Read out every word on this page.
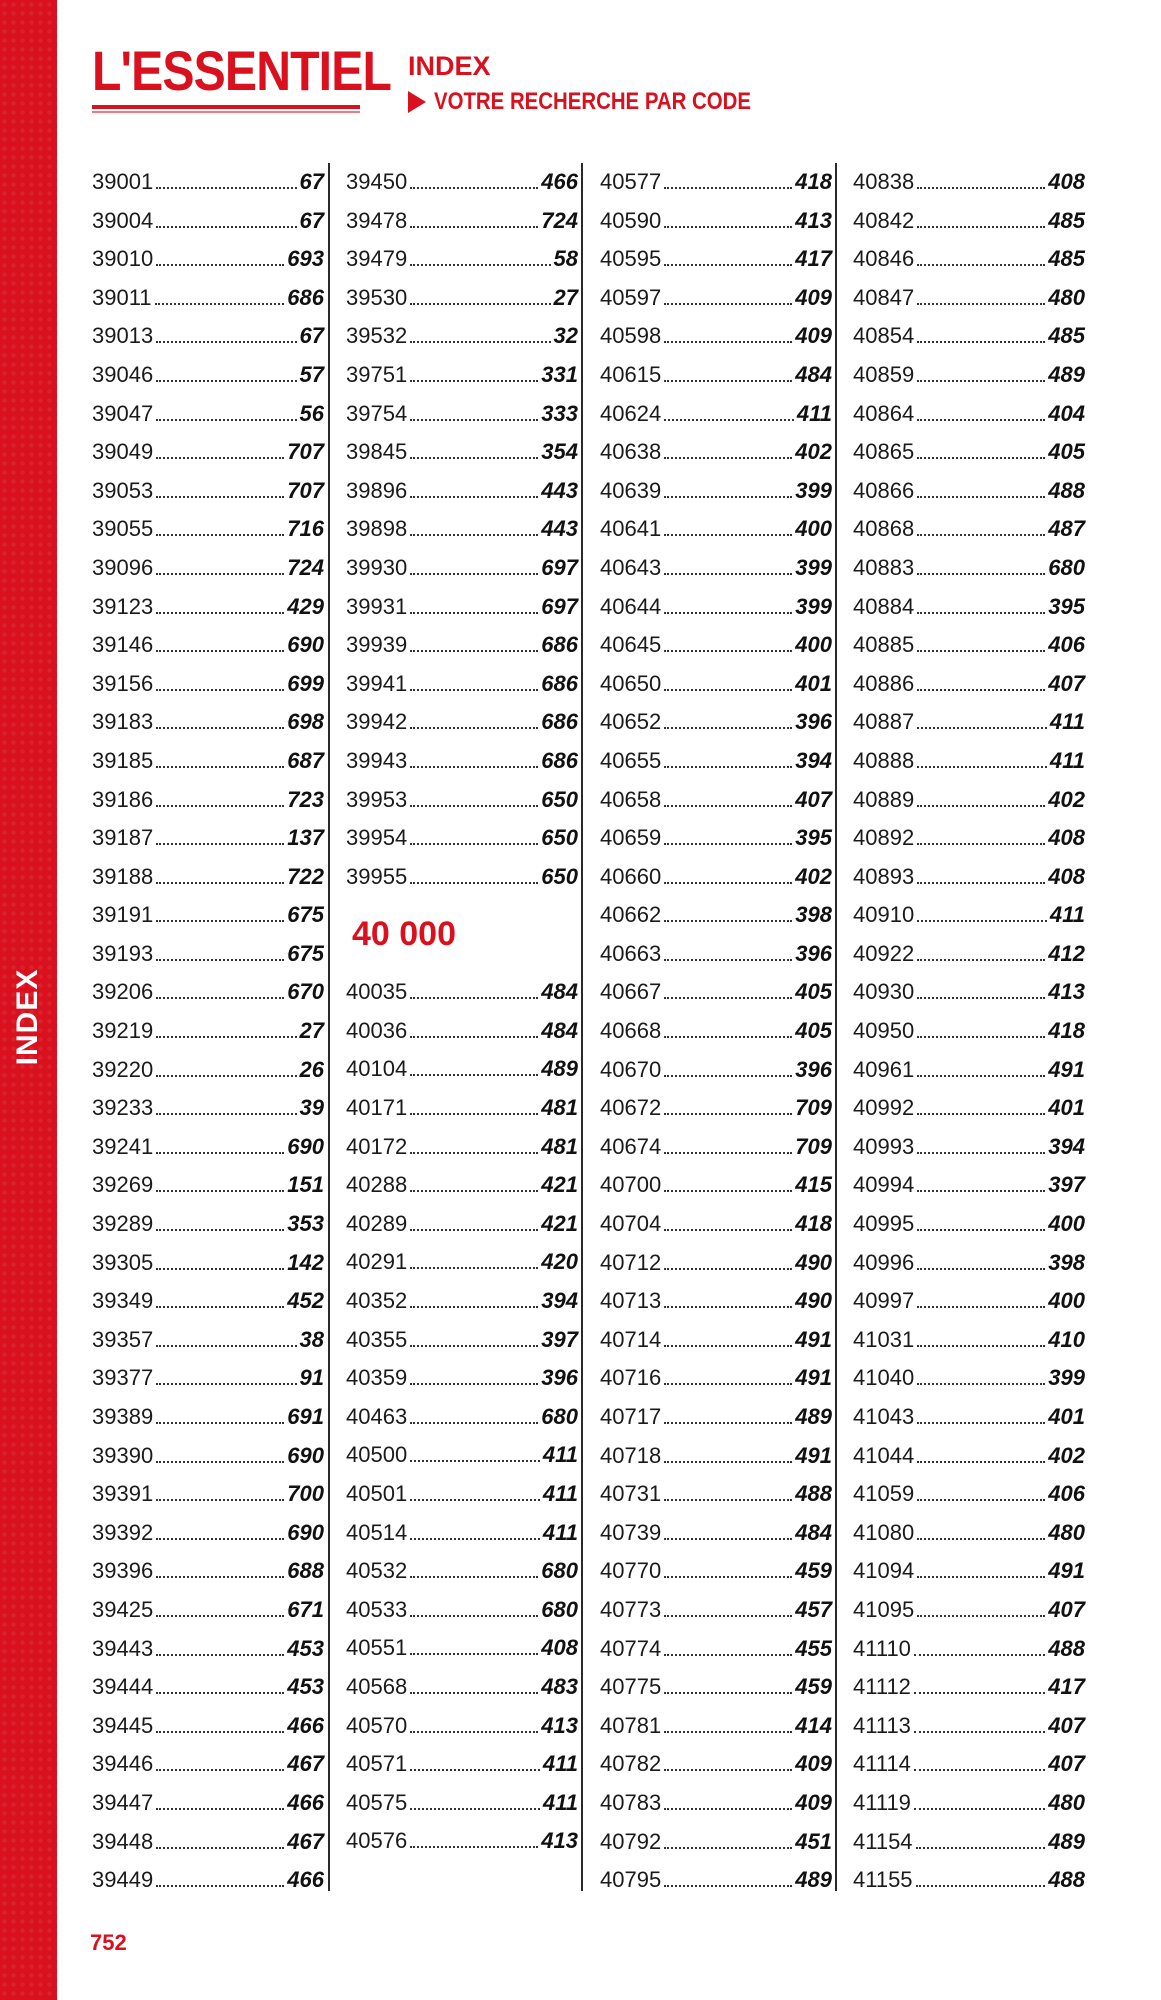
INDEX
L'ESSENTIEL INDEX
VOTRE RECHERCHE PAR CODE
39001	67
39004	67
39010	693
39011	686
39013	67
39046	57
39047	56
39049	707
39053	707
39055	716
39096	724
39123	429
39146	690
39156	699
39183	698
39185	687
39186	723
39187	137
39188	722
39191	675
39193	675
39206	670
39219	27
39220	26
39233	39
39241	690
39269	151
39289	353
39305	142
39349	452
39357	38
39377	91
39389	691
39390	690
39391	700
39392	690
39396	688
39425	671
39443	453
39444	453
39445	466
39446	467
39447	466
39448	467
39449	466
39450	466
39478	724
39479	58
39530	27
39532	32
39751	331
39754	333
39845	354
39896	443
39898	443
39930	697
39931	697
39939	686
39941	686
39942	686
39943	686
39953	650
39954	650
39955	650
40 000
40035	484
40036	484
40104	489
40171	481
40172	481
40288	421
40289	421
40291	420
40352	394
40355	397
40359	396
40463	680
40500	411
40501	411
40514	411
40532	680
40533	680
40551	408
40568	483
40570	413
40571	411
40575	411
40576	413
40577	418
40590	413
40595	417
40597	409
40598	409
40615	484
40624	411
40638	402
40639	399
40641	400
40643	399
40644	399
40645	400
40650	401
40652	396
40655	394
40658	407
40659	395
40660	402
40662	398
40663	396
40667	405
40668	405
40670	396
40672	709
40674	709
40700	415
40704	418
40712	490
40713	490
40714	491
40716	491
40717	489
40718	491
40731	488
40739	484
40770	459
40773	457
40774	455
40775	459
40781	414
40782	409
40783	409
40792	451
40795	489
40838	408
40842	485
40846	485
40847	480
40854	485
40859	489
40864	404
40865	405
40866	488
40868	487
40883	680
40884	395
40885	406
40886	407
40887	411
40888	411
40889	402
40892	408
40893	408
40910	411
40922	412
40930	413
40950	418
40961	491
40992	401
40993	394
40994	397
40995	400
40996	398
40997	400
41031	410
41040	399
41043	401
41044	402
41059	406
41080	480
41094	491
41095	407
41110	488
41112	417
41113	407
41114	407
41119	480
41154	489
41155	488
752
